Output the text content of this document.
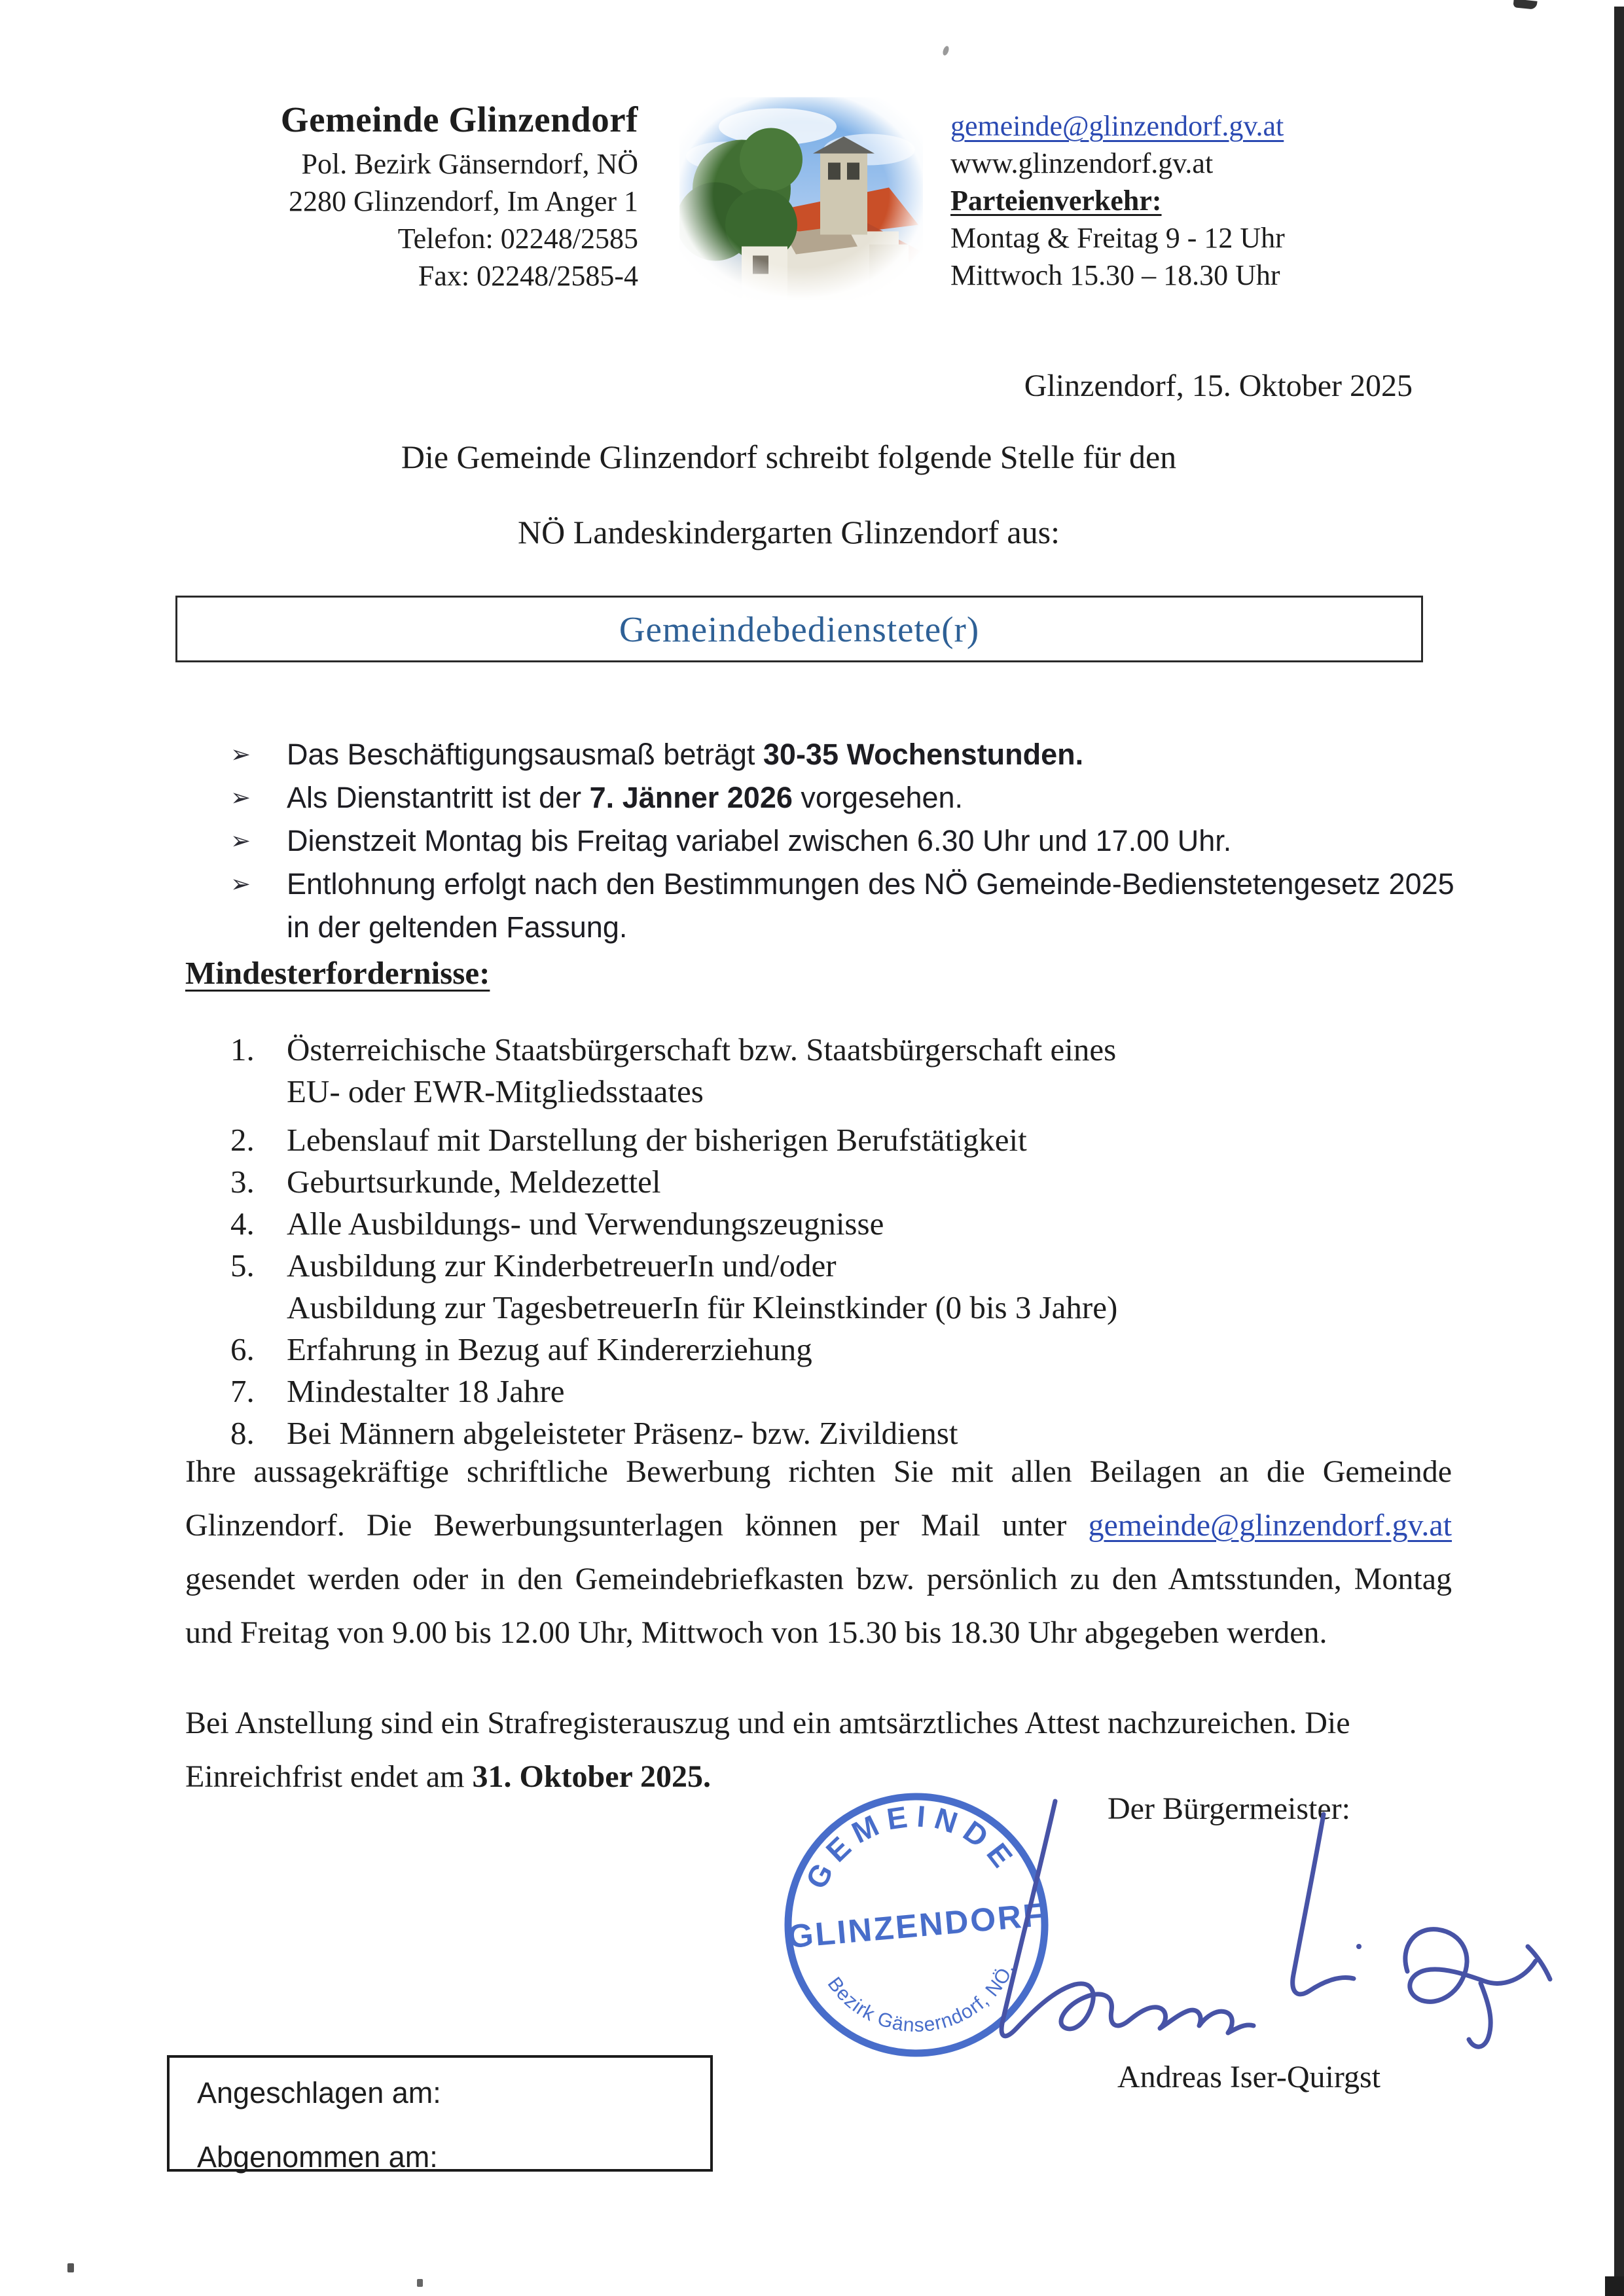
Gemeinde Glinzendorf
Pol. Bezirk Gänserndorf, NÖ
2280 Glinzendorf, Im Anger 1
Telefon: 02248/2585
Fax: 02248/2585-4
gemeinde@glinzendorf.gv.at
www.glinzendorf.gv.at
Parteienverkehr:
Montag & Freitag 9 - 12 Uhr
Mittwoch 15.30 – 18.30 Uhr
Glinzendorf, 15. Oktober 2025
Die Gemeinde Glinzendorf schreibt folgende Stelle für den
NÖ Landeskindergarten Glinzendorf aus:
Gemeindebedienstete(r)
➢	Das Beschäftigungsausmaß beträgt 30-35 Wochenstunden.
➢	Als Dienstantritt ist der 7. Jänner 2026 vorgesehen.
➢	Dienstzeit Montag bis Freitag variabel zwischen 6.30 Uhr und 17.00 Uhr.
➢	Entlohnung erfolgt nach den Bestimmungen des NÖ Gemeinde-Bedienstetengesetz 2025 in der geltenden Fassung.
Mindesterfordernisse:
1.	Österreichische Staatsbürgerschaft bzw. Staatsbürgerschaft eines
EU- oder EWR-Mitgliedsstaates
2.	Lebenslauf mit Darstellung der bisherigen Berufstätigkeit
3.	Geburtsurkunde, Meldezettel
4.	Alle Ausbildungs- und Verwendungszeugnisse
5.	Ausbildung zur KinderbetreuerIn und/oder
Ausbildung zur TagesbetreuerIn für Kleinstkinder (0 bis 3 Jahre)
6.	Erfahrung in Bezug auf Kindererziehung
7.	Mindestalter 18 Jahre
8.	Bei Männern abgeleisteter Präsenz- bzw. Zivildienst
Ihre aussagekräftige schriftliche Bewerbung richten Sie mit allen Beilagen an die Gemeinde Glinzendorf. Die Bewerbungsunterlagen können per Mail unter gemeinde@glinzendorf.gv.at gesendet werden oder in den Gemeindebriefkasten bzw. persönlich zu den Amtsstunden, Montag und Freitag von 9.00 bis 12.00 Uhr, Mittwoch von 15.30 bis 18.30 Uhr abgegeben werden.
Bei Anstellung sind ein Strafregisterauszug und ein amtsärztliches Attest nachzureichen. Die Einreichfrist endet am 31. Oktober 2025.
Der Bürgermeister:
GEMEINDE
GLINZENDORF
Bezirk Gänserndorf, NÖ.
Andreas Iser-Quirgst
Angeschlagen am:
Abgenommen am:
